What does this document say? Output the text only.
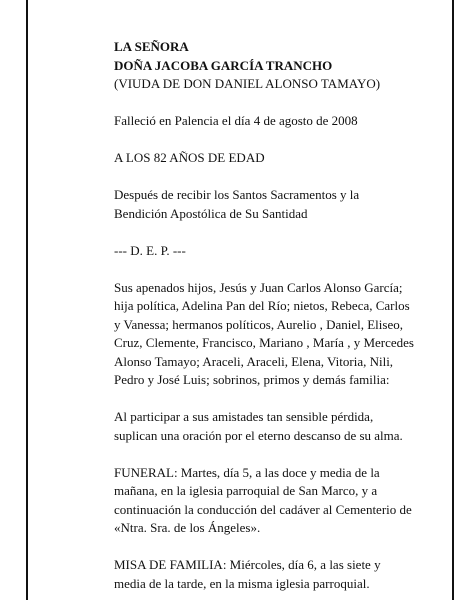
LA SEÑORA

DOÑA JACOBA GARCÍA TRANCHO

(VIUDA DE DON DANIEL ALONSO TAMAYO)

Falleció en Palencia el día 4 de agosto de 2008

A LOS 82 AÑOS DE EDAD

Después de recibir los Santos Sacramentos y la Bendición Apostólica de Su Santidad

--- D. E. P. ---

Sus apenados hijos, Jesús y Juan Carlos Alonso García; hija política, Adelina Pan del Río; nietos, Rebeca, Carlos y Vanessa; hermanos políticos, Aurelio , Daniel, Eliseo, Cruz, Clemente, Francisco, Mariano , María , y Mercedes Alonso Tamayo; Araceli, Araceli, Elena, Vitoria, Nili, Pedro y José Luis; sobrinos, primos y demás familia:

Al participar a sus amistades tan sensible pérdida, suplican una oración por el eterno descanso de su alma.

FUNERAL: Martes, día 5, a las doce y media de la mañana, en la iglesia parroquial de San Marco, y a continuación la conducción del cadáver al Cementerio de «Ntra. Sra. de los Ángeles».

MISA DE FAMILIA: Miércoles, día 6, a las siete y media de la tarde, en la misma iglesia parroquial.
